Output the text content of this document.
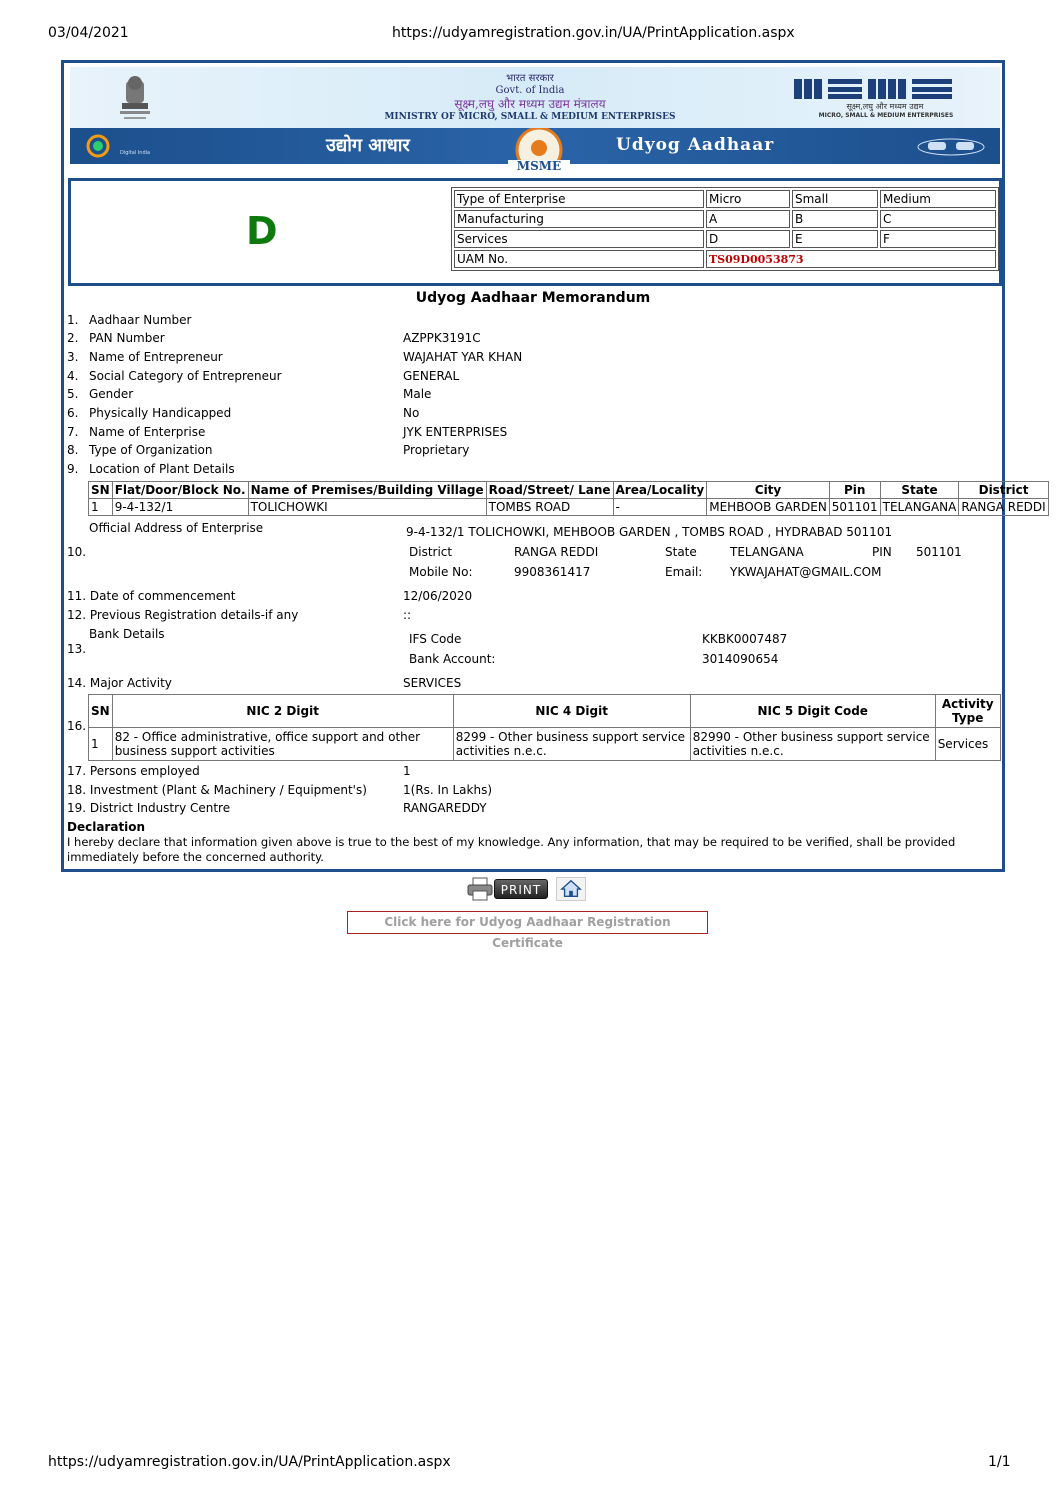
03/04/2021	https://udyamregistration.gov.in/UA/PrintApplication.aspx
भारत सरकार
Govt. of India
सूक्ष्म,लघु और मध्यम उद्यम मंत्रालय
MINISTRY OF MICRO, SMALL & MEDIUM ENTERPRISES
सूक्ष्म,लघु और मध्यम उद्यम
MICRO, SMALL & MEDIUM ENTERPRISES
Digital India	उद्योग आधार
MSME
Udyog Aadhaar
D
Type of Enterprise	Micro	Small	Medium
Manufacturing	A	B	C
Services	D	E	F
UAM No.	TS09D0053873		
Udyog Aadhaar Memorandum
1. Aadhaar Number
2. PAN Number	AZPPK3191C
3. Name of Entrepreneur	WAJAHAT YAR KHAN
4. Social Category of Entrepreneur	GENERAL
5. Gender	Male
6. Physically Handicapped	No
7. Name of Enterprise	JYK ENTERPRISES
8. Type of Organization	Proprietary
9. Location of Plant Details
SN	Flat/Door/Block No.	Name of Premises/Building Village	Road/Street/ Lane	Area/Locality	City	Pin	State	District
1	9-4-132/1	TOLICHOWKI	TOMBS ROAD	-	MEHBOOB GARDEN	501101	TELANGANA	RANGA REDDI
Official Address of Enterprise	9-4-132/1 TOLICHOWKI, MEHBOOB GARDEN , TOMBS ROAD , HYDRABAD 501101
10.	District	RANGA REDDI	State	TELANGANA	PIN 501101
Mobile No:	9908361417	Email: YKWAJAHAT@GMAIL.COM
11. Date of commencement	12/06/2020
12. Previous Registration details-if any	::
Bank Details
13.
IFS Code	KKBK0007487
Bank Account:	3014090654
14. Major Activity	SERVICES
16.
SN	NIC 2 Digit	NIC 4 Digit	NIC 5 Digit Code	Activity Type
1	82 - Office administrative, office support and other business support activities	8299 - Other business support service activities n.e.c.	82990 - Other business support service activities n.e.c.	Services
17. Persons employed	1
18. Investment (Plant & Machinery / Equipment's)	1(Rs. In Lakhs)
19. District Industry Centre	RANGAREDDY
Declaration
I hereby declare that information given above is true to the best of my knowledge. Any information, that may be required to be verified, shall be provided immediately before the concerned authority.
PRINT
Click here for Udyog Aadhaar Registration Certificate
https://udyamregistration.gov.in/UA/PrintApplication.aspx	1/1
